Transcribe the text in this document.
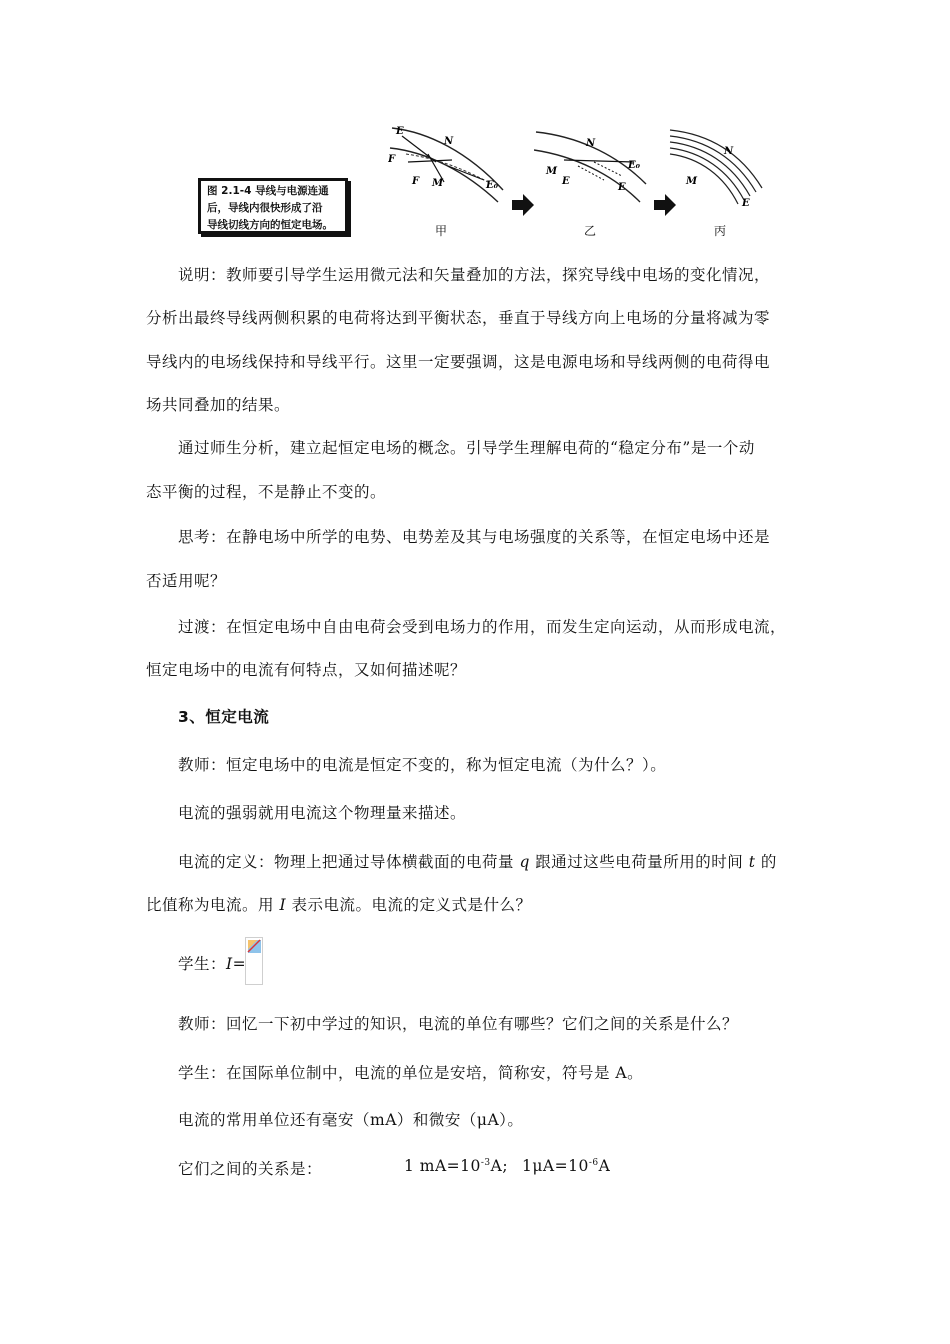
图 2.1-4 导线与电源连通
后，导线内很快形成了沿
导线切线方向的恒定电场。
E
N
F
M
F	E₀
甲
N
E₀
M
E
E
乙
N
M
E
丙

说明：教师要引导学生运用微元法和矢量叠加的方法，探究导线中电场的变化情况，

分析出最终导线两侧积累的电荷将达到平衡状态，垂直于导线方向上电场的分量将减为零

导线内的电场线保持和导线平行。这里一定要强调，这是电源电场和导线两侧的电荷得电

场共同叠加的结果。

通过师生分析，建立起恒定电场的概念。引导学生理解电荷的“稳定分布”是一个动

态平衡的过程，不是静止不变的。

思考：在静电场中所学的电势、电势差及其与电场强度的关系等，在恒定电场中还是

否适用呢？

过渡：在恒定电场中自由电荷会受到电场力的作用，而发生定向运动，从而形成电流，

恒定电场中的电流有何特点，又如何描述呢？

3、恒定电流

教师：恒定电场中的电流是恒定不变的，称为恒定电流（为什么？）。

电流的强弱就用电流这个物理量来描述。

电流的定义：物理上把通过导体横截面的电荷量 q 跟通过这些电荷量所用的时间 t 的

比值称为电流。用 I 表示电流。电流的定义式是什么？

学生：I=

教师：回忆一下初中学过的知识，电流的单位有哪些？它们之间的关系是什么？

学生：在国际单位制中，电流的单位是安培，简称安，符号是 A。

电流的常用单位还有毫安（mA）和微安（μA）。

它们之间的关系是：	1 $mA=10^{-3}A$; $1\mu A=10^{-6}A$
